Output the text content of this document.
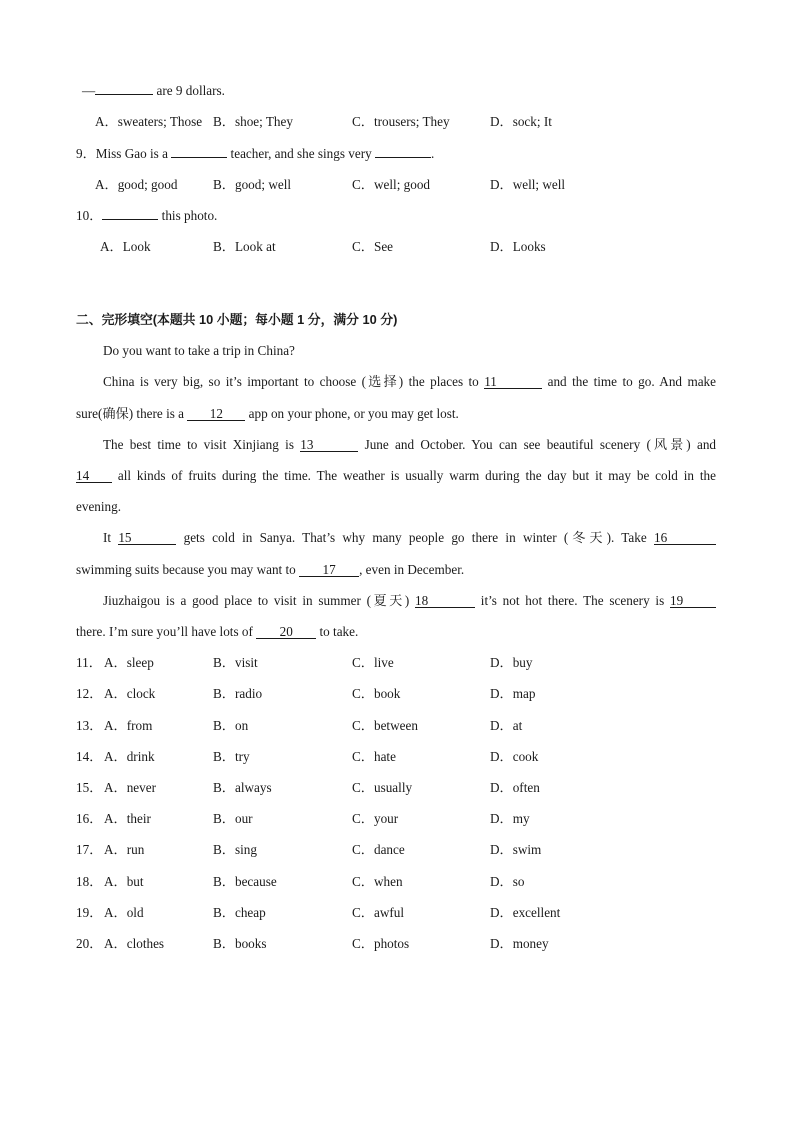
—	are 9 dollars.
A．sweaters; Those B．shoe; They	C．trousers; They	D．sock; It
9．Miss Gao is a	teacher, and she sings very	.
A．good; good	B．good; well	C．well; good	D．well; well
10．	this photo.
A．Look	B．Look at	C．See	D．Looks
二、完形填空(本题共 10 小题；每小题 1 分，满分 10 分)
Do you want to take a trip in China?
China is very big, so it’s important to choose (选择) the places to 11	and the time to go. And make
sure(确保) there is a 12 app on your phone, or you may get lost.
The best time to visit Xinjiang is 13	June and October. You can see beautiful scenery (风景) and
14 all kinds of fruits during the time. The weather is usually warm during the day but it may be cold in the
evening.
It 15	gets cold in Sanya. That’s why many people go there in winter (冬天). Take 16
swimming suits because you may want to 17 , even in December.
Jiuzhaigou is a good place to visit in summer (夏天) 18	it’s not hot there. The scenery is 19
there. I’m sure you’ll have lots of 20 to take.
11． A．sleep	B．visit	C．live	D．buy
12． A．clock	B．radio	C．book	D．map
13． A．from	B．on	C．between	D．at
14． A．drink	B．try	C．hate	D．cook
15． A．never	B．always	C．usually	D．often
16． A．their	B．our	C．your	D．my
17． A．run	B．sing	C．dance	D．swim
18． A．but	B．because	C．when	D．so
19． A．old	B．cheap	C．awful	D．excellent
20． A．clothes	B．books	C．photos	D．money
